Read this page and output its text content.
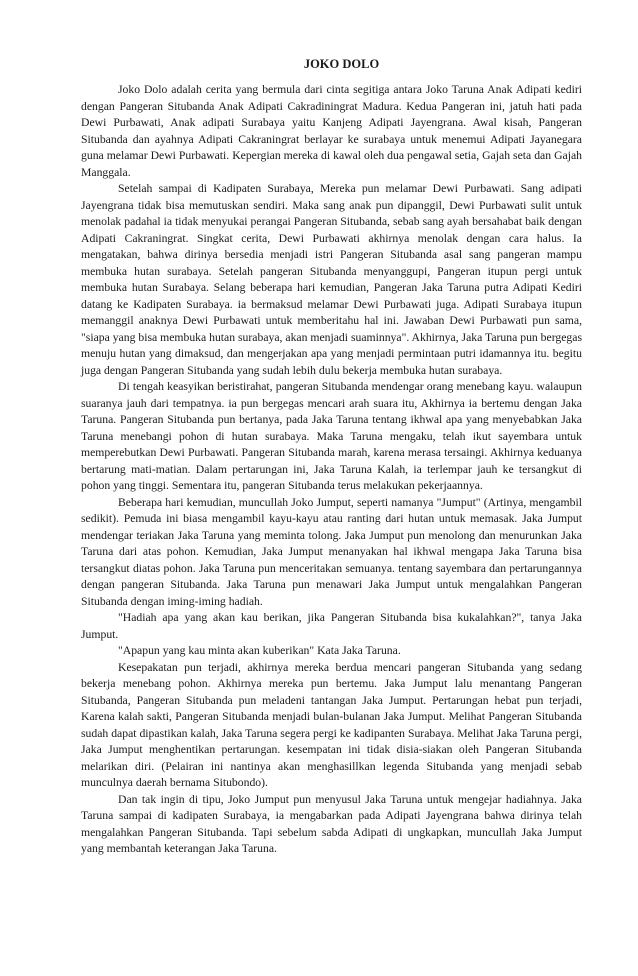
JOKO DOLO

Joko Dolo adalah cerita yang bermula dari cinta segitiga antara Joko Taruna Anak Adipati kediri dengan Pangeran Situbanda Anak Adipati Cakradiningrat Madura. Kedua Pangeran ini, jatuh hati pada Dewi Purbawati, Anak adipati Surabaya yaitu Kanjeng Adipati Jayengrana. Awal kisah, Pangeran Situbanda dan ayahnya Adipati Cakraningrat berlayar ke surabaya untuk menemui Adipati Jayanegara guna melamar Dewi Purbawati. Kepergian mereka di kawal oleh dua pengawal setia, Gajah seta dan Gajah Manggala.

Setelah sampai di Kadipaten Surabaya, Mereka pun melamar Dewi Purbawati. Sang adipati Jayengrana tidak bisa memutuskan sendiri. Maka sang anak pun dipanggil, Dewi Purbawati sulit untuk menolak padahal ia tidak menyukai perangai Pangeran Situbanda, sebab sang ayah bersahabat baik dengan Adipati Cakraningrat. Singkat cerita, Dewi Purbawati akhirnya menolak dengan cara halus. Ia mengatakan, bahwa dirinya bersedia menjadi istri Pangeran Situbanda asal sang pangeran mampu membuka hutan surabaya. Setelah pangeran Situbanda menyanggupi, Pangeran itupun pergi untuk membuka hutan Surabaya. Selang beberapa hari kemudian, Pangeran Jaka Taruna putra Adipati Kediri datang ke Kadipaten Surabaya. ia bermaksud melamar Dewi Purbawati juga. Adipati Surabaya itupun memanggil anaknya Dewi Purbawati untuk memberitahu hal ini. Jawaban Dewi Purbawati pun sama, "siapa yang bisa membuka hutan surabaya, akan menjadi suaminnya". Akhirnya, Jaka Taruna pun bergegas menuju hutan yang dimaksud, dan mengerjakan apa yang menjadi permintaan putri idamannya itu. begitu juga dengan Pangeran Situbanda yang sudah lebih dulu bekerja membuka hutan surabaya.

Di tengah keasyikan beristirahat, pangeran Situbanda mendengar orang menebang kayu. walaupun suaranya jauh dari tempatnya. ia pun bergegas mencari arah suara itu, Akhirnya ia bertemu dengan Jaka Taruna. Pangeran Situbanda pun bertanya, pada Jaka Taruna tentang ikhwal apa yang menyebabkan Jaka Taruna menebangi pohon di hutan surabaya. Maka Taruna mengaku, telah ikut sayembara untuk memperebutkan Dewi Purbawati. Pangeran Situbanda marah, karena merasa tersaingi. Akhirnya keduanya bertarung mati-matian. Dalam pertarungan ini, Jaka Taruna Kalah, ia terlempar jauh ke tersangkut di pohon yang tinggi. Sementara itu, pangeran Situbanda terus melakukan pekerjaannya.

Beberapa hari kemudian, muncullah Joko Jumput, seperti namanya "Jumput" (Artinya, mengambil sedikit). Pemuda ini biasa mengambil kayu-kayu atau ranting dari hutan untuk memasak. Jaka Jumput mendengar teriakan Jaka Taruna yang meminta tolong. Jaka Jumput pun menolong dan menurunkan Jaka Taruna dari atas pohon. Kemudian, Jaka Jumput menanyakan hal ikhwal mengapa Jaka Taruna bisa tersangkut diatas pohon. Jaka Taruna pun menceritakan semuanya. tentang sayembara dan pertarungannya dengan pangeran Situbanda. Jaka Taruna pun menawari Jaka Jumput untuk mengalahkan Pangeran Situbanda dengan iming-iming hadiah.

"Hadiah apa yang akan kau berikan, jika Pangeran Situbanda bisa kukalahkan?", tanya Jaka Jumput.

"Apapun yang kau minta akan kuberikan" Kata Jaka Taruna.

Kesepakatan pun terjadi, akhirnya mereka berdua mencari pangeran Situbanda yang sedang bekerja menebang pohon. Akhirnya mereka pun bertemu. Jaka Jumput lalu menantang Pangeran Situbanda, Pangeran Situbanda pun meladeni tantangan Jaka Jumput. Pertarungan hebat pun terjadi, Karena kalah sakti, Pangeran Situbanda menjadi bulan-bulanan Jaka Jumput. Melihat Pangeran Situbanda sudah dapat dipastikan kalah, Jaka Taruna segera pergi ke kadipanten Surabaya. Melihat Jaka Taruna pergi, Jaka Jumput menghentikan pertarungan. kesempatan ini tidak disia-siakan oleh Pangeran Situbanda melarikan diri. (Pelairan ini nantinya akan menghasillkan legenda Situbanda yang menjadi sebab munculnya daerah bernama Situbondo).

Dan tak ingin di tipu, Joko Jumput pun menyusul Jaka Taruna untuk mengejar hadiahnya. Jaka Taruna sampai di kadipaten Surabaya, ia mengabarkan pada Adipati Jayengrana bahwa dirinya telah mengalahkan Pangeran Situbanda. Tapi sebelum sabda Adipati di ungkapkan, muncullah Jaka Jumput yang membantah keterangan Jaka Taruna.
